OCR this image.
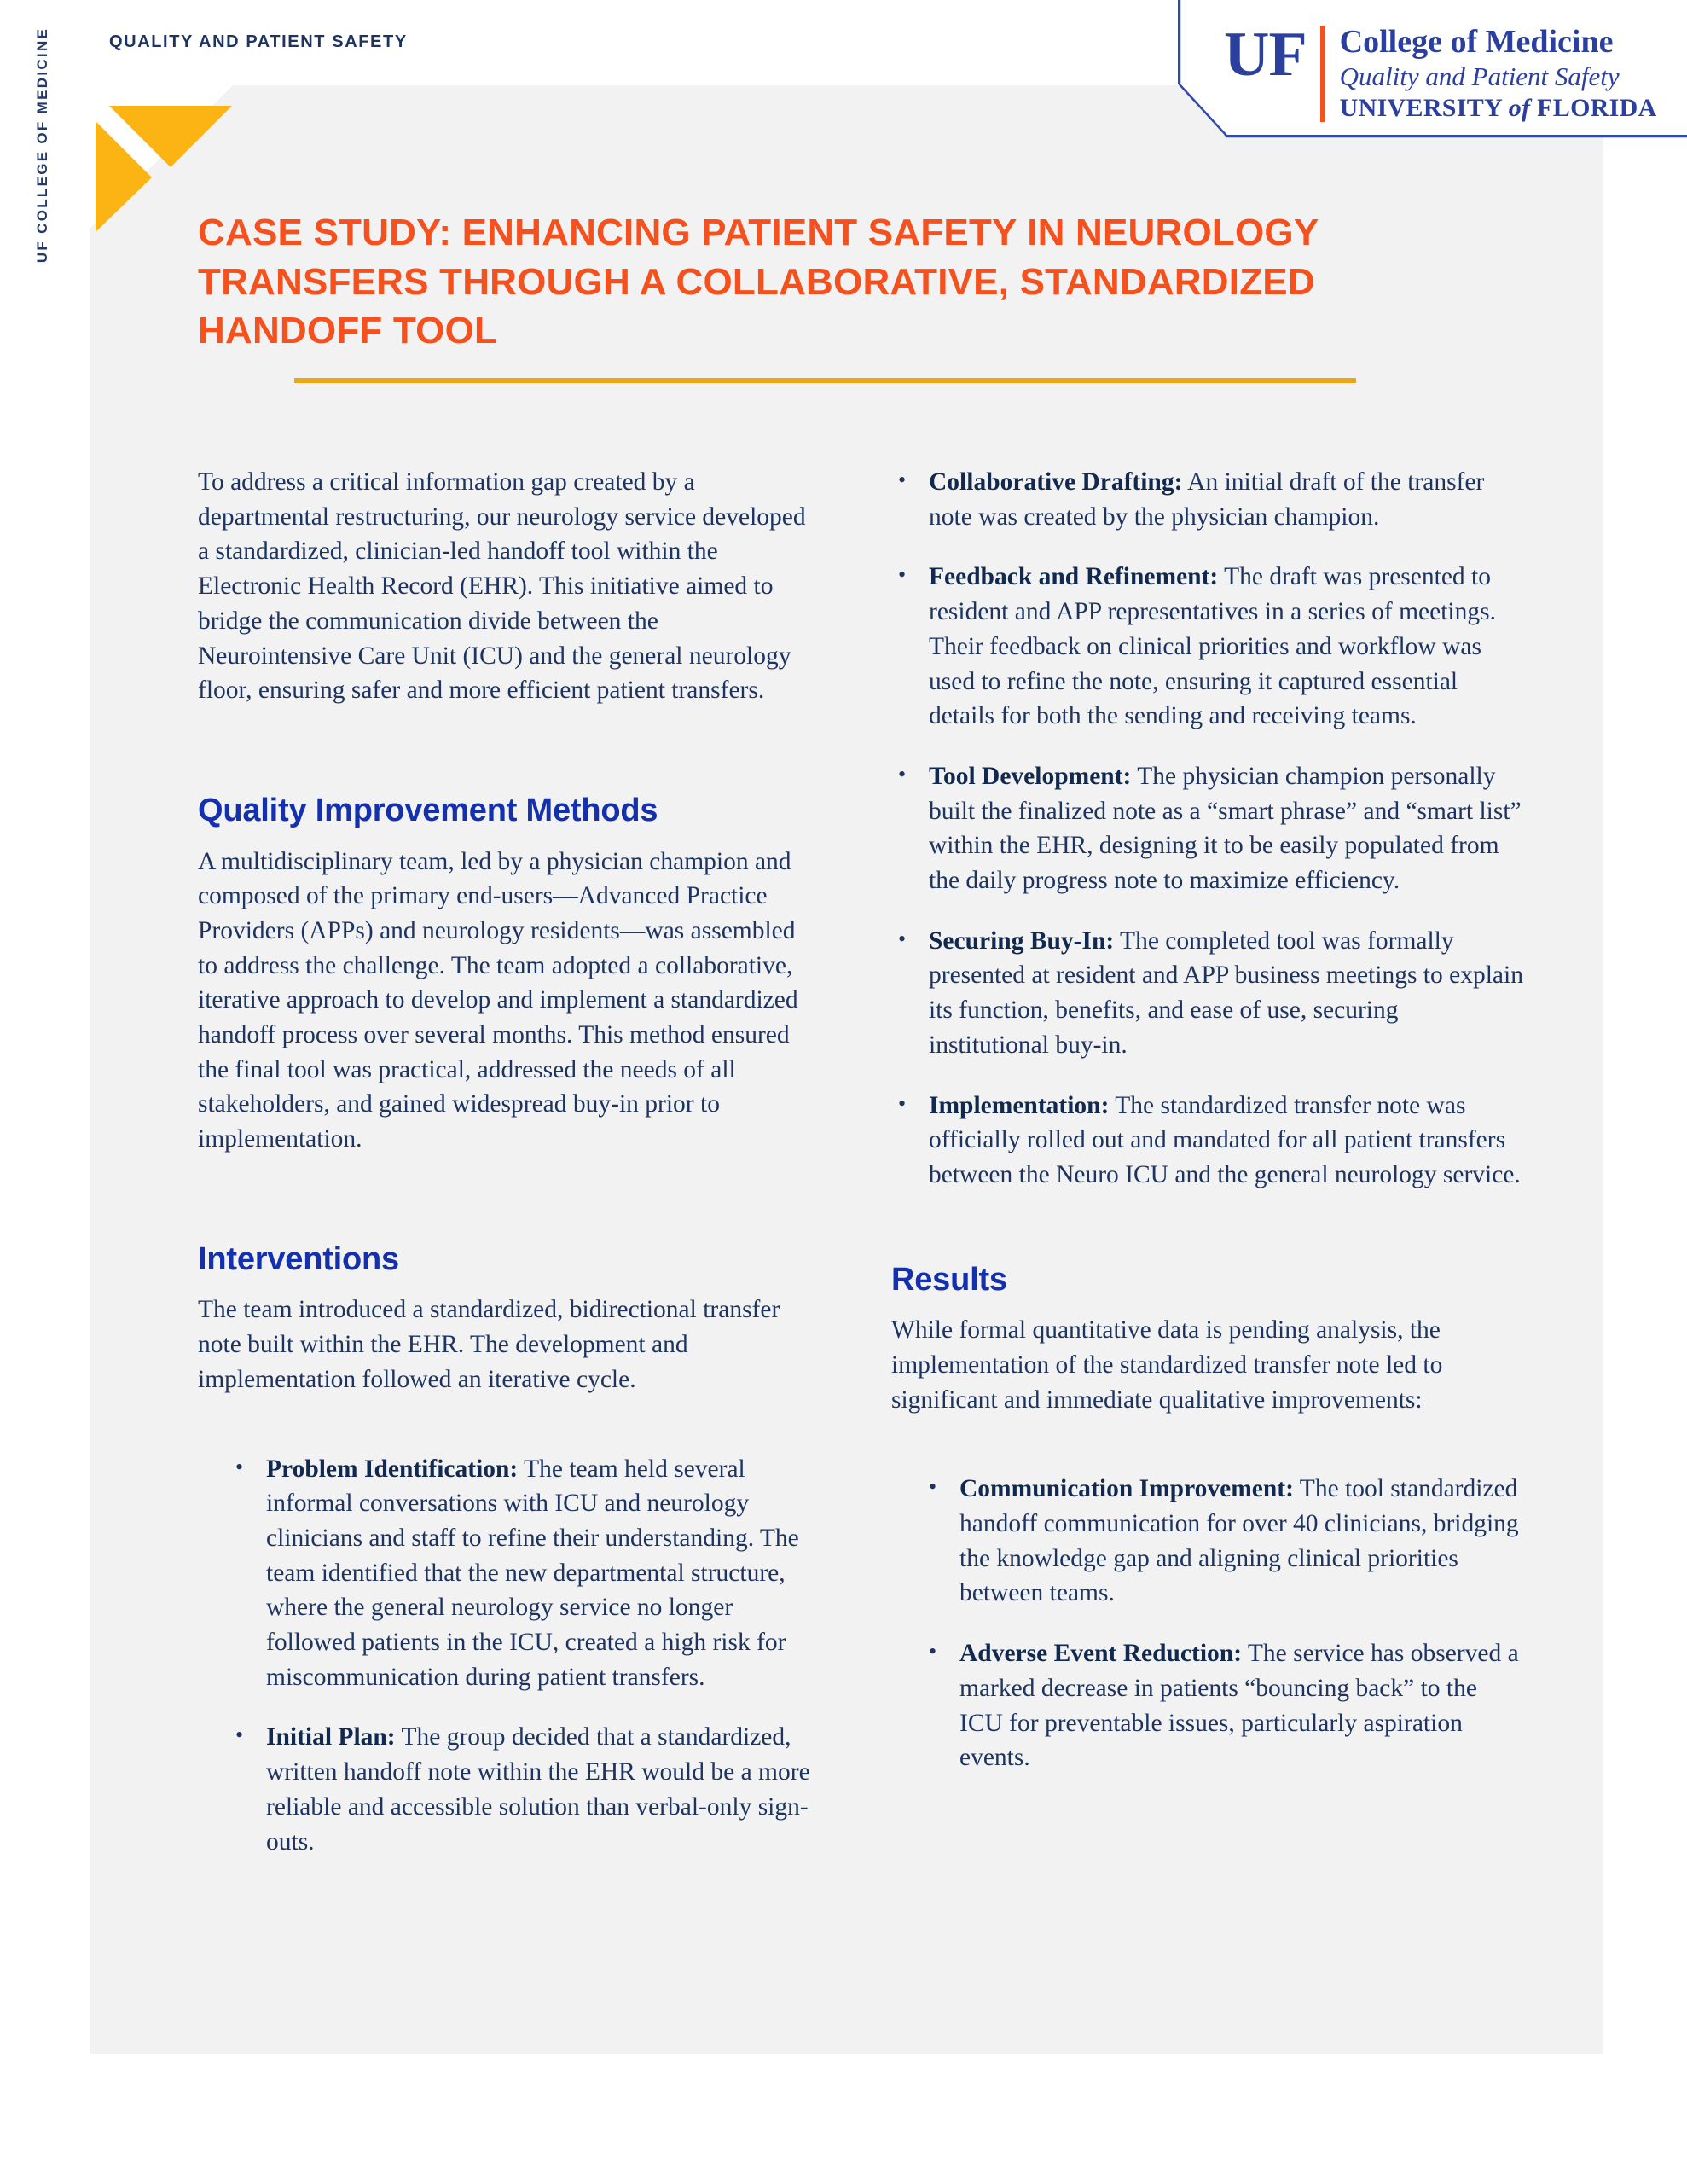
QUALITY AND PATIENT SAFETY
UF COLLEGE OF MEDICINE	UF	College of Medicine
Quality and Patient Safety
UNIVERSITY of FLORIDA
CASE STUDY: ENHANCING PATIENT SAFETY IN NEUROLOGY TRANSFERS THROUGH A COLLABORATIVE, STANDARDIZED HANDOFF TOOL

To address a critical information gap created by a departmental restructuring, our neurology service developed a standardized, clinician-led handoff tool within the Electronic Health Record (EHR). This initiative aimed to bridge the communication divide between the Neurointensive Care Unit (ICU) and the general neurology floor, ensuring safer and more efficient patient transfers.

Quality Improvement Methods

A multidisciplinary team, led by a physician champion and composed of the primary end-users—Advanced Practice Providers (APPs) and neurology residents—was assembled to address the challenge. The team adopted a collaborative, iterative approach to develop and implement a standardized handoff process over several months. This method ensured the final tool was practical, addressed the needs of all stakeholders, and gained widespread buy-in prior to implementation.

Interventions

The team introduced a standardized, bidirectional transfer note built within the EHR. The development and implementation followed an iterative cycle.

• Problem Identification: The team held several informal conversations with ICU and neurology clinicians and staff to refine their understanding. The team identified that the new departmental structure, where the general neurology service no longer followed patients in the ICU, created a high risk for miscommunication during patient transfers.
• Initial Plan: The group decided that a standardized, written handoff note within the EHR would be a more reliable and accessible solution than verbal-only sign-outs.
• Collaborative Drafting: An initial draft of the transfer note was created by the physician champion.
• Feedback and Refinement: The draft was presented to resident and APP representatives in a series of meetings. Their feedback on clinical priorities and workflow was used to refine the note, ensuring it captured essential details for both the sending and receiving teams.
• Tool Development: The physician champion personally built the finalized note as a “smart phrase” and “smart list” within the EHR, designing it to be easily populated from the daily progress note to maximize efficiency.
• Securing Buy-In: The completed tool was formally presented at resident and APP business meetings to explain its function, benefits, and ease of use, securing institutional buy-in.
• Implementation: The standardized transfer note was officially rolled out and mandated for all patient transfers between the Neuro ICU and the general neurology service.
Results

While formal quantitative data is pending analysis, the implementation of the standardized transfer note led to significant and immediate qualitative improvements:

• Communication Improvement: The tool standardized handoff communication for over 40 clinicians, bridging the knowledge gap and aligning clinical priorities between teams.
• Adverse Event Reduction: The service has observed a marked decrease in patients “bouncing back” to the ICU for preventable issues, particularly aspiration events.
